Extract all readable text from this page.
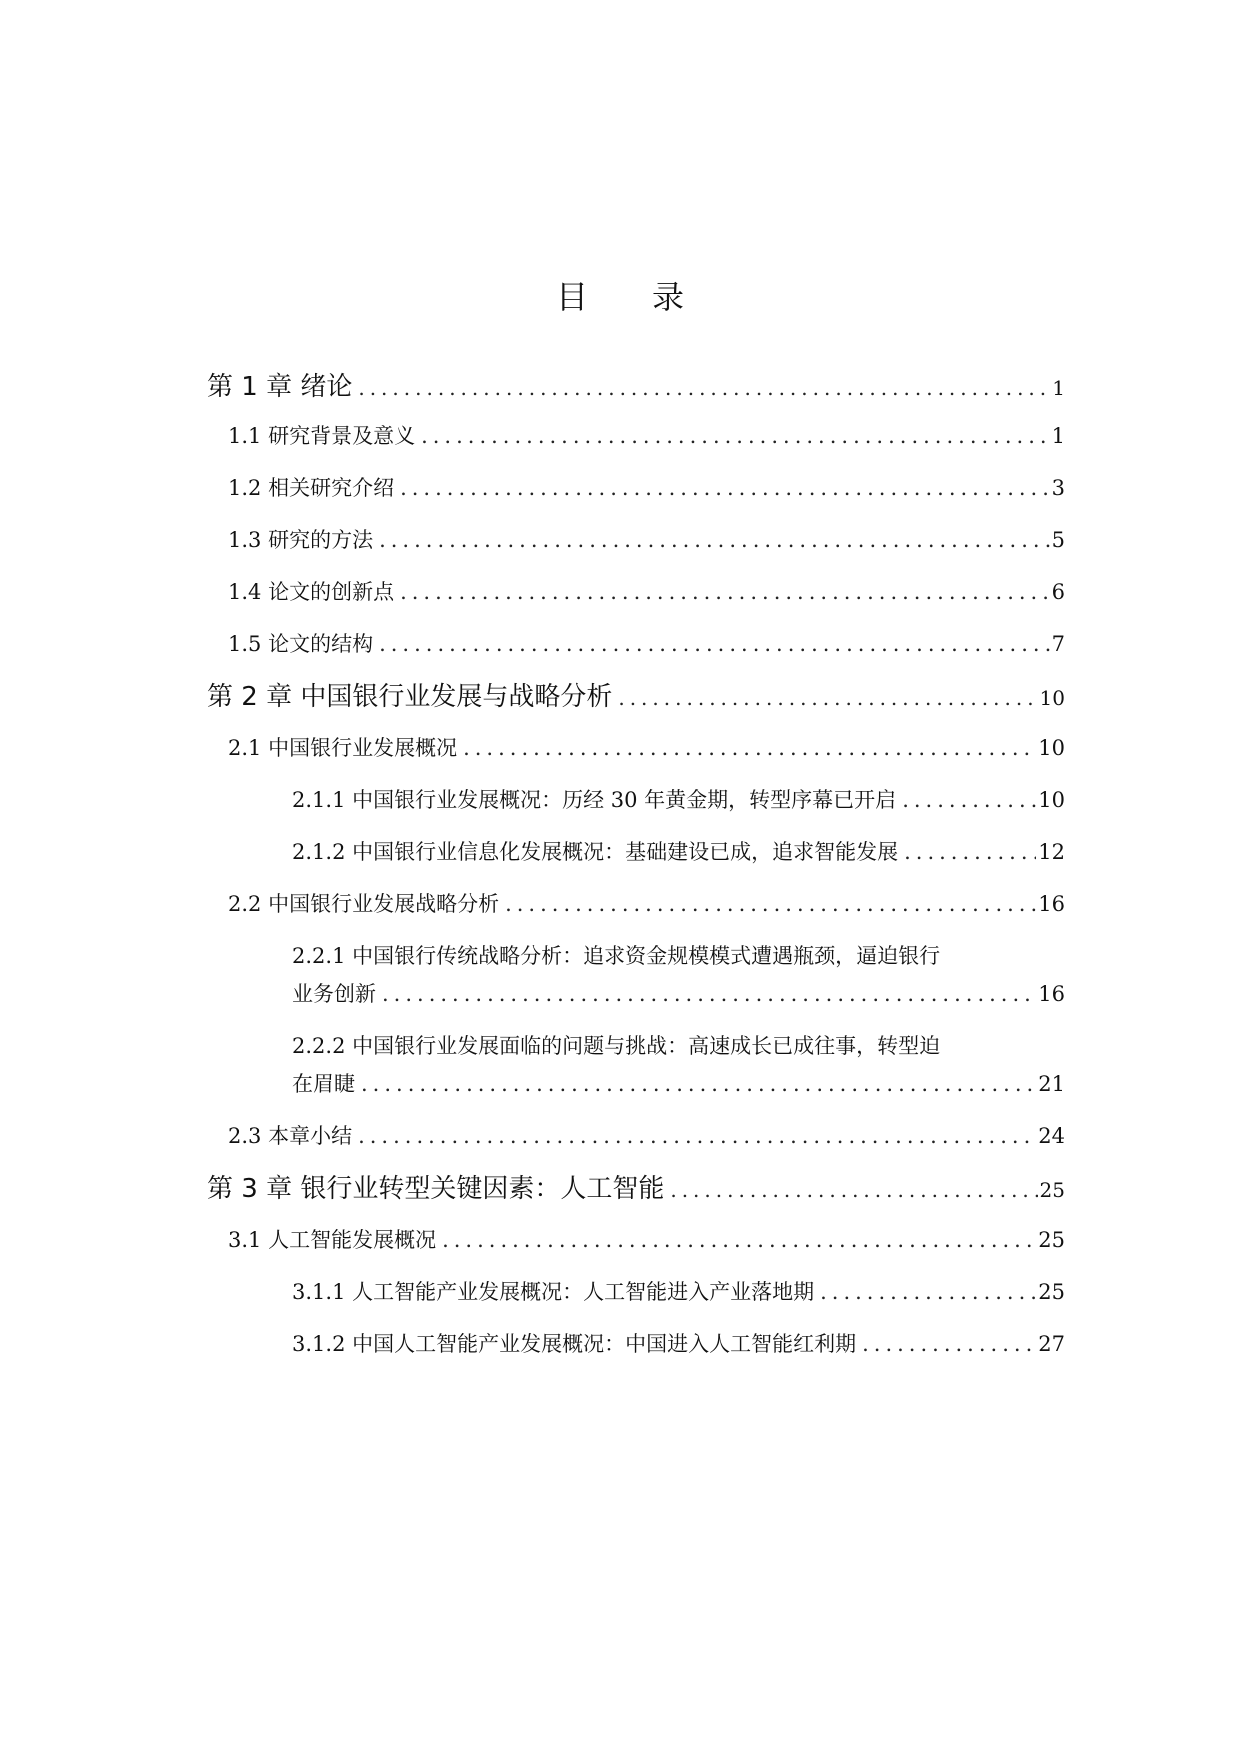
目录
第 1 章 绪论 .....	1
1.1 研究背景及意义 .....	1
1.2 相关研究介绍 .....	3
1.3 研究的方法 .....	5
1.4 论文的创新点 .....	6
1.5 论文的结构 .....	7
第 2 章 中国银行业发展与战略分析 .....	10
2.1 中国银行业发展概况 .....	10
2.1.1 中国银行业发展概况：历经 30 年黄金期，转型序幕已开启 .....	10
2.1.2 中国银行业信息化发展概况：基础建设已成，追求智能发展 .....	12
2.2 中国银行业发展战略分析 .....	16
2.2.1 中国银行传统战略分析：追求资金规模模式遭遇瓶颈，逼迫银行
业务创新 .....	16
2.2.2 中国银行业发展面临的问题与挑战：高速成长已成往事，转型迫
在眉睫 .....	21
2.3 本章小结 .....	24
第 3 章 银行业转型关键因素：人工智能 .....	25
3.1 人工智能发展概况 .....	25
3.1.1 人工智能产业发展概况：人工智能进入产业落地期 .....	25
3.1.2 中国人工智能产业发展概况：中国进入人工智能红利期 .....	27
